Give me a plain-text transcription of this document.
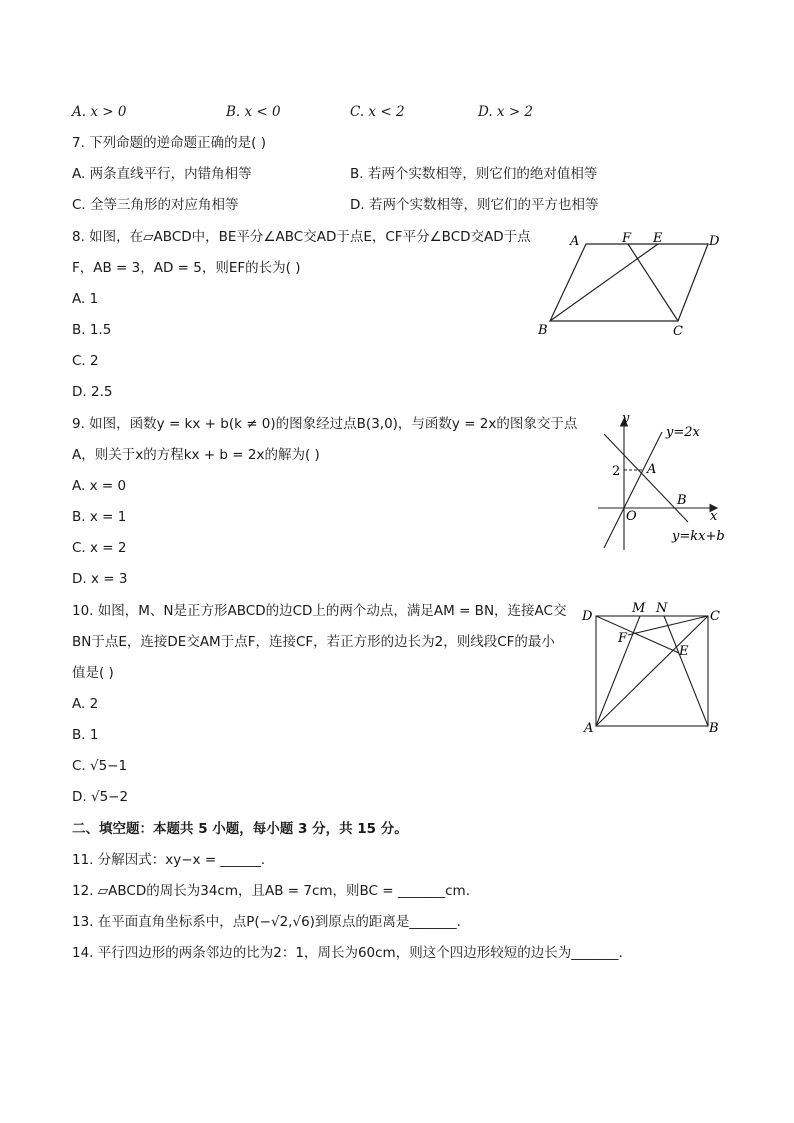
A. x > 0	B. x < 0	C. x < 2	D. x > 2
7. 下列命题的逆命题正确的是( )
A. 两条直线平行，内错角相等	B. 若两个实数相等，则它们的绝对值相等
C. 全等三角形的对应角相等	D. 若两个实数相等，则它们的平方也相等
8. 如图，在▱ABCD中，BE平分∠ABC交AD于点E，CF平分∠BCD交AD于点
F，AB = 3，AD = 5，则EF的长为( )
A. 1
B. 1.5
C. 2
D. 2.5
A	F E	D
B	C
9. 如图，函数y = kx + b(k ≠ 0)的图象经过点B(3,0)，与函数y = 2x的图象交于点
A，则关于x的方程kx + b = 2x的解为( )
A. x = 0
B. x = 1
C. x = 2
D. x = 3
y
x
2 A
B
O
y=2x
y=kx+b
10. 如图，M、N是正方形ABCD的边CD上的两个动点，满足AM = BN，连接AC交
BN于点E，连接DE交AM于点F，连接CF，若正方形的边长为2，则线段CF的最小
值是( )
A. 2
B. 1
C. √5−1
D. √5−2
D
M N
C
F
E
A	B
二、填空题：本题共 5 小题，每小题 3 分，共 15 分。
11. 分解因式：xy−x = ______.
12. ▱ABCD的周长为34cm，且AB = 7cm，则BC = _______cm.
13. 在平面直角坐标系中，点P(−√2,√6)到原点的距离是_______.
14. 平行四边形的两条邻边的比为2：1，周长为60cm，则这个四边形较短的边长为_______.
